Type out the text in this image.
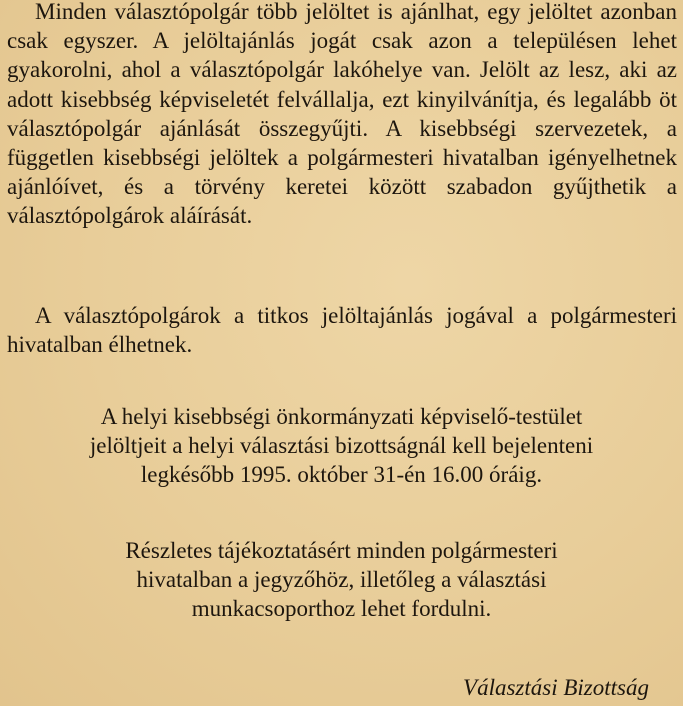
Minden választópolgár több jelöltet is ajánlhat, egy jelöltet azonban csak egyszer. A jelöltajánlás jogát csak azon a településen lehet gyakorolni, ahol a választópolgár lakóhelye van. Jelölt az lesz, aki az adott kisebbség képviseletét felvállalja, ezt kinyilvánítja, és legalább öt választópolgár ajánlását összegyűjti. A kisebbségi szervezetek, a független kisebbségi jelöltek a polgármesteri hivatalban igényelhetnek ajánlóívet, és a törvény keretei között szabadon gyűjthetik a választópolgárok aláírását.

A választópolgárok a titkos jelöltajánlás jogával a polgármesteri hivatalban élhetnek.

A helyi kisebbségi önkormányzati képviselő-testület

jelöltjeit a helyi választási bizottságnál kell bejelenteni

legkésőbb 1995. október 31-én 16.00 óráig.

Részletes tájékoztatásért minden polgármesteri

hivatalban a jegyzőhöz, illetőleg a választási

munkacsoporthoz lehet fordulni.

Választási Bizottság
